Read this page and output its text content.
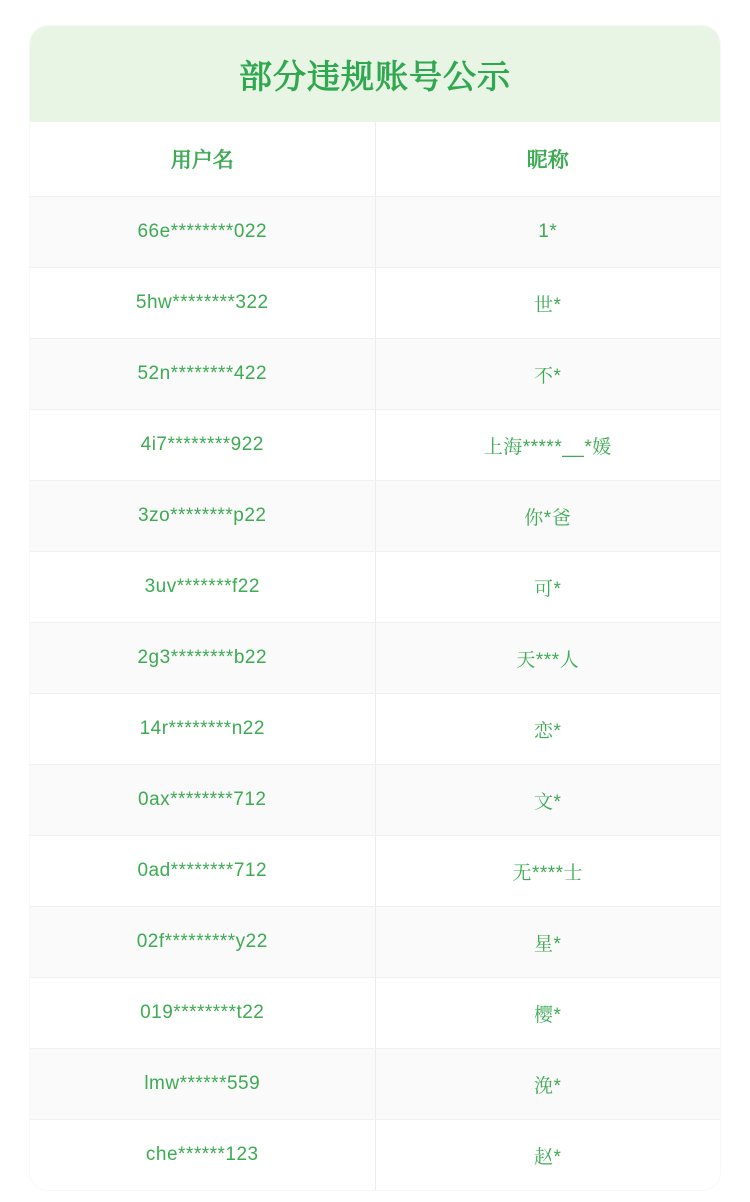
部分违规账号公示
用户名	昵称
66e********022	1*
5hw********322	世*
52n********422	不*
4i7********922	上海*****__*媛
3zo********p22	你*爸
3uv*******f22	可*
2g3********b22	天***人
14r********n22	恋*
0ax********712	文*
0ad********712	无****士
02f*********y22	星*
019********t22	樱*
lmw******559	浼*
che******123	赵*
